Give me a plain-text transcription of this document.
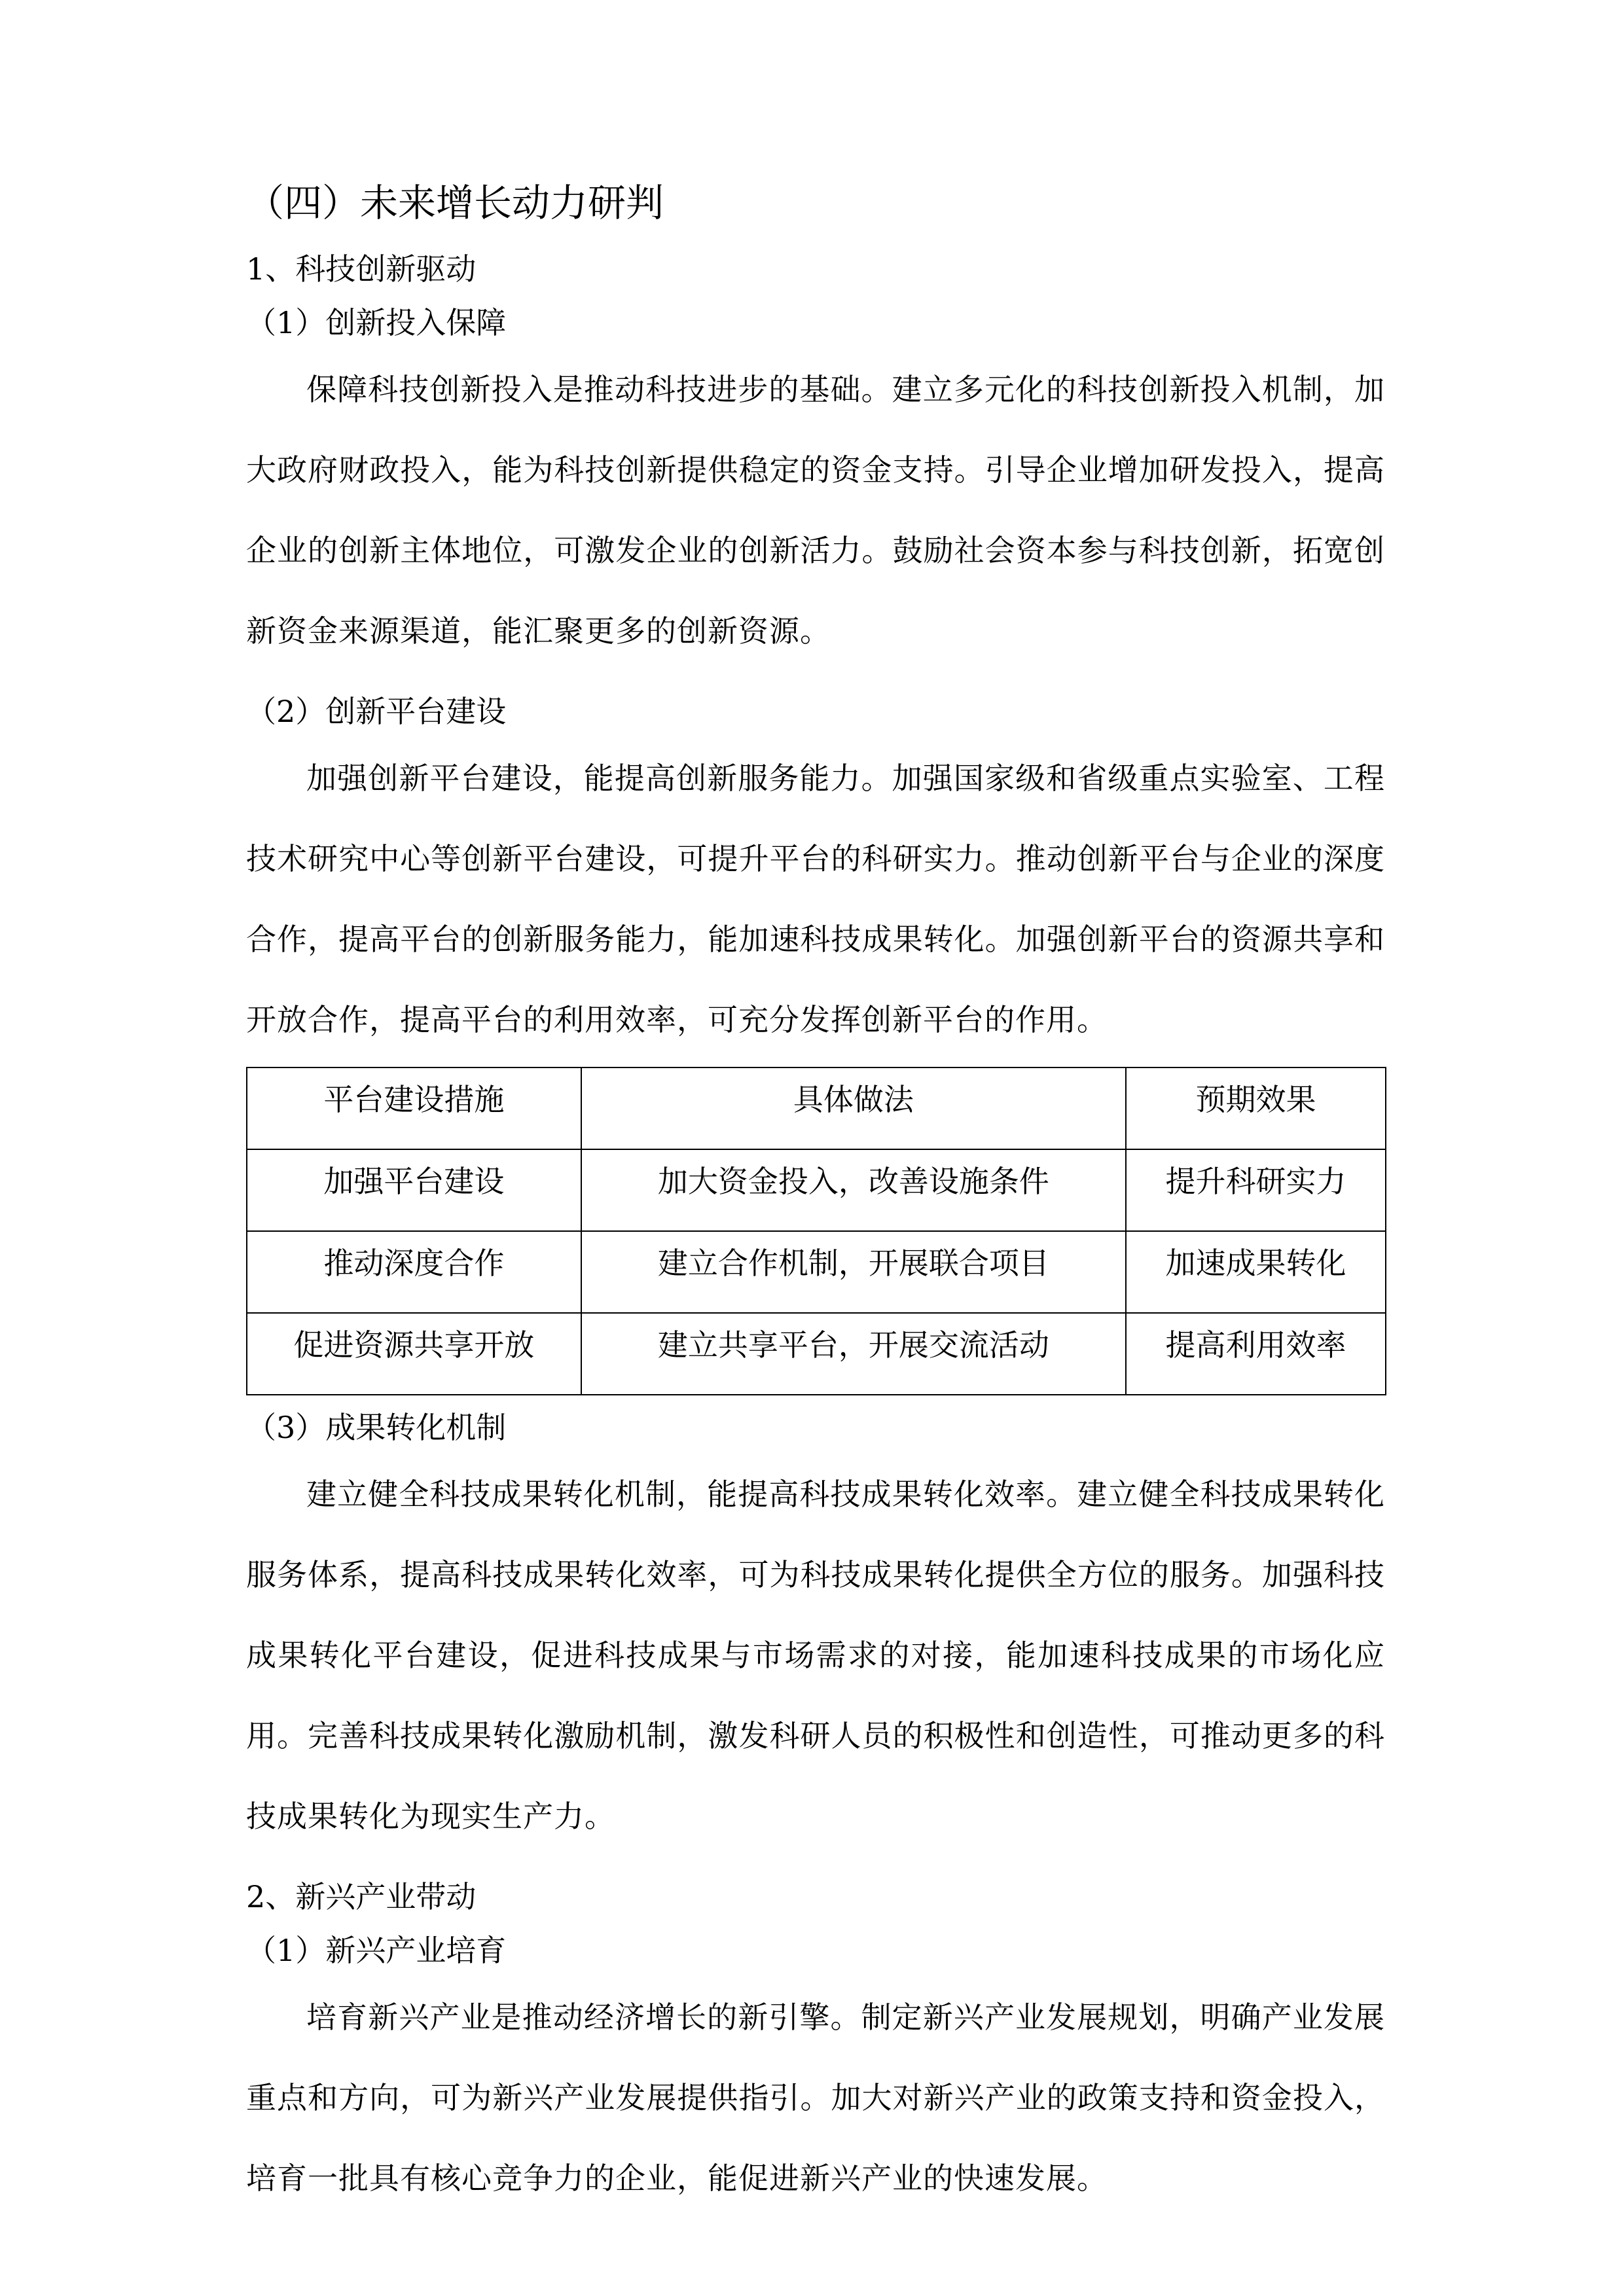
（四）未来增长动力研判
1、科技创新驱动
（1）创新投入保障

保障科技创新投入是推动科技进步的基础。建立多元化的科技创新投入机制，加大政府财政投入，能为科技创新提供稳定的资金支持。引导企业增加研发投入，提高企业的创新主体地位，可激发企业的创新活力。鼓励社会资本参与科技创新，拓宽创新资金来源渠道，能汇聚更多的创新资源。

（2）创新平台建设

加强创新平台建设，能提高创新服务能力。加强国家级和省级重点实验室、工程技术研究中心等创新平台建设，可提升平台的科研实力。推动创新平台与企业的深度合作，提高平台的创新服务能力，能加速科技成果转化。加强创新平台的资源共享和开放合作，提高平台的利用效率，可充分发挥创新平台的作用。

平台建设措施	具体做法	预期效果
加强平台建设	加大资金投入，改善设施条件	提升科研实力
推动深度合作	建立合作机制，开展联合项目	加速成果转化
促进资源共享开放	建立共享平台，开展交流活动	提高利用效率
（3）成果转化机制

建立健全科技成果转化机制，能提高科技成果转化效率。建立健全科技成果转化服务体系，提高科技成果转化效率，可为科技成果转化提供全方位的服务。加强科技成果转化平台建设，促进科技成果与市场需求的对接，能加速科技成果的市场化应用。完善科技成果转化激励机制，激发科研人员的积极性和创造性，可推动更多的科技成果转化为现实生产力。

2、新兴产业带动
（1）新兴产业培育

培育新兴产业是推动经济增长的新引擎。制定新兴产业发展规划，明确产业发展重点和方向，可为新兴产业发展提供指引。加大对新兴产业的政策支持和资金投入，培育一批具有核心竞争力的企业，能促进新兴产业的快速发展。
